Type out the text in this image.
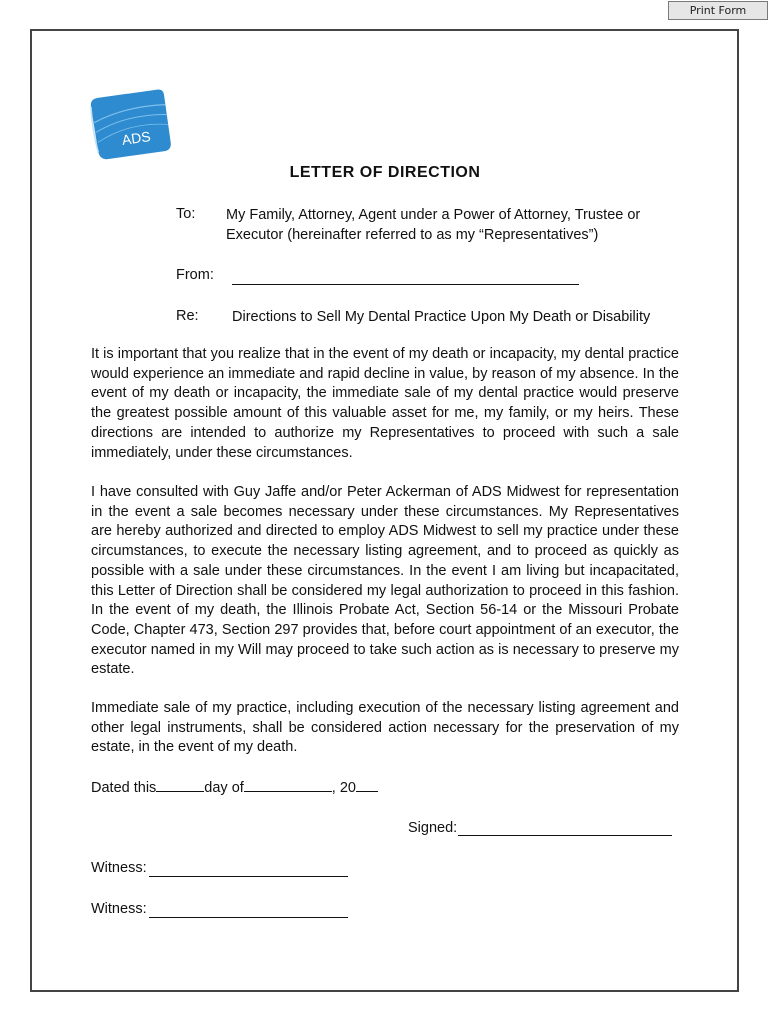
Print Form
ADS
LETTER OF DIRECTION
To: My Family, Attorney, Agent under a Power of Attorney, Trustee or
Executor (hereinafter referred to as my “Representatives”)
From:
Re: Directions to Sell My Dental Practice Upon My Death or Disability

It is important that you realize that in the event of my death or incapacity, my dental practice would experience an immediate and rapid decline in value, by reason of my absence. In the event of my death or incapacity, the immediate sale of my dental practice would preserve the greatest possible amount of this valuable asset for me, my family, or my heirs. These directions are intended to authorize my Representatives to proceed with such a sale immediately, under these circumstances.

I have consulted with Guy Jaffe and/or Peter Ackerman of ADS Midwest for representation in the event a sale becomes necessary under these circumstances. My Representatives are hereby authorized and directed to employ ADS Midwest to sell my practice under these circumstances, to execute the necessary listing agreement, and to proceed as quickly as possible with a sale under these circumstances. In the event I am living but incapacitated, this Letter of Direction shall be considered my legal authorization to proceed in this fashion. In the event of my death, the Illinois Probate Act, Section 56-14 or the Missouri Probate Code, Chapter 473, Section 297 provides that, before court appointment of an executor, the executor named in my Will may proceed to take such action as is necessary to preserve my estate.

Immediate sale of my practice, including execution of the necessary listing agreement and other legal instruments, shall be considered action necessary for the preservation of my estate, in the event of my death.

Dated this	day of	, 20
Signed:
Witness:
Witness:
